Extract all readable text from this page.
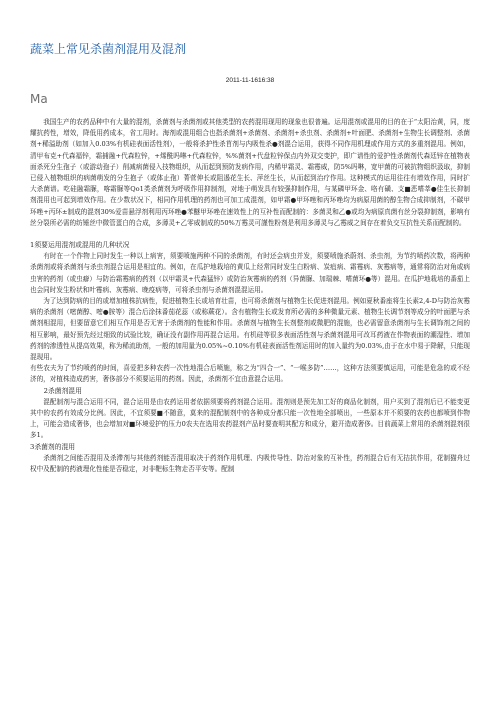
蔬菜上常见杀菌剂混用及混剂
2011-11-1616:38
Ma

我国生产的农药品种中有大量的混剂，杀菌剂与杀菌剂或其他类型的农药混用现用的现象也很普遍。运用混剂或混用的目的在于“太阳治黄，同，度耀抗药性，增效，降低用药成本，省工用时。海剂或混用组合也指杀菌剂+杀菌剂、杀菌剂+杀虫剂、杀菌剂+叶面肥、杀菌剂+生物生长调整剂、杀菌剂+稀溢助剂（如加入0.03%有机硅表面活性剂），一般将杀护性杀苜剂与内吸性杀●剂混合运用，获得不同作用机理或作用方式的多重剂混用。例如，清甲布克+代森福锌，霜捕融+代森粒锌，+烯酰吗啉+代森粒锌，%%菌剂+代盘粒锌保点内外双交变护，即广谱性的爱护性杀菌剂代森廷锌在植物表面杀死分生孢子（或游动孢子）削减病菌侵入技物组织，从而起到预防发病作用，内稀甲霜灵、霜霉威，防5%吗啉，宽甲菌的可被抗物组织汲取，抑制已侵入植物组织的病菌萌发的分生抱子（或体止孢）菁菅伸长或阻遏花生长、萍丝生长，从而起到治疗作用。这种模式的运用往往有增效作用，同时扩大杀菌谱。吃硅融霜脲，喀霜脲等Qo1类杀菌剂为呼吸作用抑制剂，对地于萌发具有较强抑制作用，与某磷甲环金、咯有磺、支■恶嗜莘●佳生长抑制剂混用也可起到增效作用。在少数状况下，相同作用机理的药剂也可加工成混剂，如甲霜●甲环唑和丙环唑均为病原用菌的醇生物合成抑制剂，不碳甲环唑+丙环±制成的混剂30%爱苗悬浮剂利用丙环唑●苯醚甲环唑在速效性上的互补性而配制的：多菌灵和乙●或均为病原真菌有丝分裂抑制剂，影响有丝分裂所必需的纺锤丝中微管蛋白的合成，多薄灵+乙零威制成的50%万霉灵可謹性粉剂是利用多薄灵与乙霉威之间存在着负交互抗性关系而配制的。

1须要运用混剂或混用的几种状况

有时在一个作物上同时发生一种以上病害，须要喷施两种不同的杀菌剂，有时还会病虫并发，须要喷施杀蔚剂、杀虫剂，为节约喷药次数，将两种杀菌剂或将杀菌剂与杀虫剂混合运用是相宜的。例如，在瓜护地栽培的黄瓜上经常同时发生白粉病、炭疽病、霜霉病、灰霉病等，通常将防治对角或病虫害的药剂（或虫癖）与防治霜霉病的药剂（以甲霜灵+代森猛锌）或防治灰霉病的药剂（异菌脲、加瑞棘、嗜菌环●等）混用。在瓜护地栽培的番茄上也会同时发生粉状和叶霉病、灰霉病、晚疫病等，可将杀虫剂与杀菌剂混混运用。

为了达到防病的目的或增加植株抗病性，促进植物生长或培育壮苗，也可将杀菌剂与植物生长促进剂混用。例如夏秋番座将生长素2,4-D与防治灰霉病的杀菌剂（嘧菌醇、嘧●胺等）混合后涂抹番茄花蕊（或称蕨花）。含有植物生长或发育所必需的多种微量元素、植物生长调节剂等成分的叶面肥与杀菌剂相混用，但要留意它们相互作用是否无害于杀菌剂的性能和作用。杀菌剂与植物生长剂整剂或微肥的混施，也必需留意杀菌剂与生长调饰剂之间的相互影响，最好预先经过细致的试验比较，确证没有副作用再混合运用。有机硅等很多表面活性剂与杀菌剂混用可改耳药液在作物表面的潮湿性、增加药剂的渗透性从提高效果，称为稀流助剂，一般的加用量为0.05%~0.10%有机硅表面活性剂运用时的加入量约为0.03%,由于在水中易于降解，只能现混现用。

有些农夫为了节约喷药的时间，喜爱把多种农药一次性地混合后喷施，称之为“四合一”、“一喉多防”……，这种方法须要慎运用，可能是危急的或不经济的，对植株造成药害，奢侈部分不须要运用的药剂。因此，杀菌剂不宜由意混合运用。

2杀菌剂混用

混配制剂与混合运用不同，混合运用是由农药运用者依据须要将药剂混合运用。混剂则是预先加工好的商品化制剂，用户买到了混剂后已不能变更其中的农药有效成分比例。因此，不宜须要■不随意，莫来的混配制剂中的各种成分都只能一次性地全部喷出，一些原本并不须要的农药也都喷到作物上，可能会造成奢侈，也会增加对■环境爱护的压力0农夫在选用农药混剂产品时要查明其配方和成分，避开造成奢侈。目前蔬菜上常用的杀菌剂混剂很多1。

3杀菌剂的混用

杀菌剂之间能否混用及杀滞剂与其他药剂能否混用取决于药剂作用机理、内吸传导性、防治对象的互补性，药剂混合后有无拮抗作用，花制猫舟过权中及配制的药液理化性能是否稳定，对非靶标生物走否平安等。配制
